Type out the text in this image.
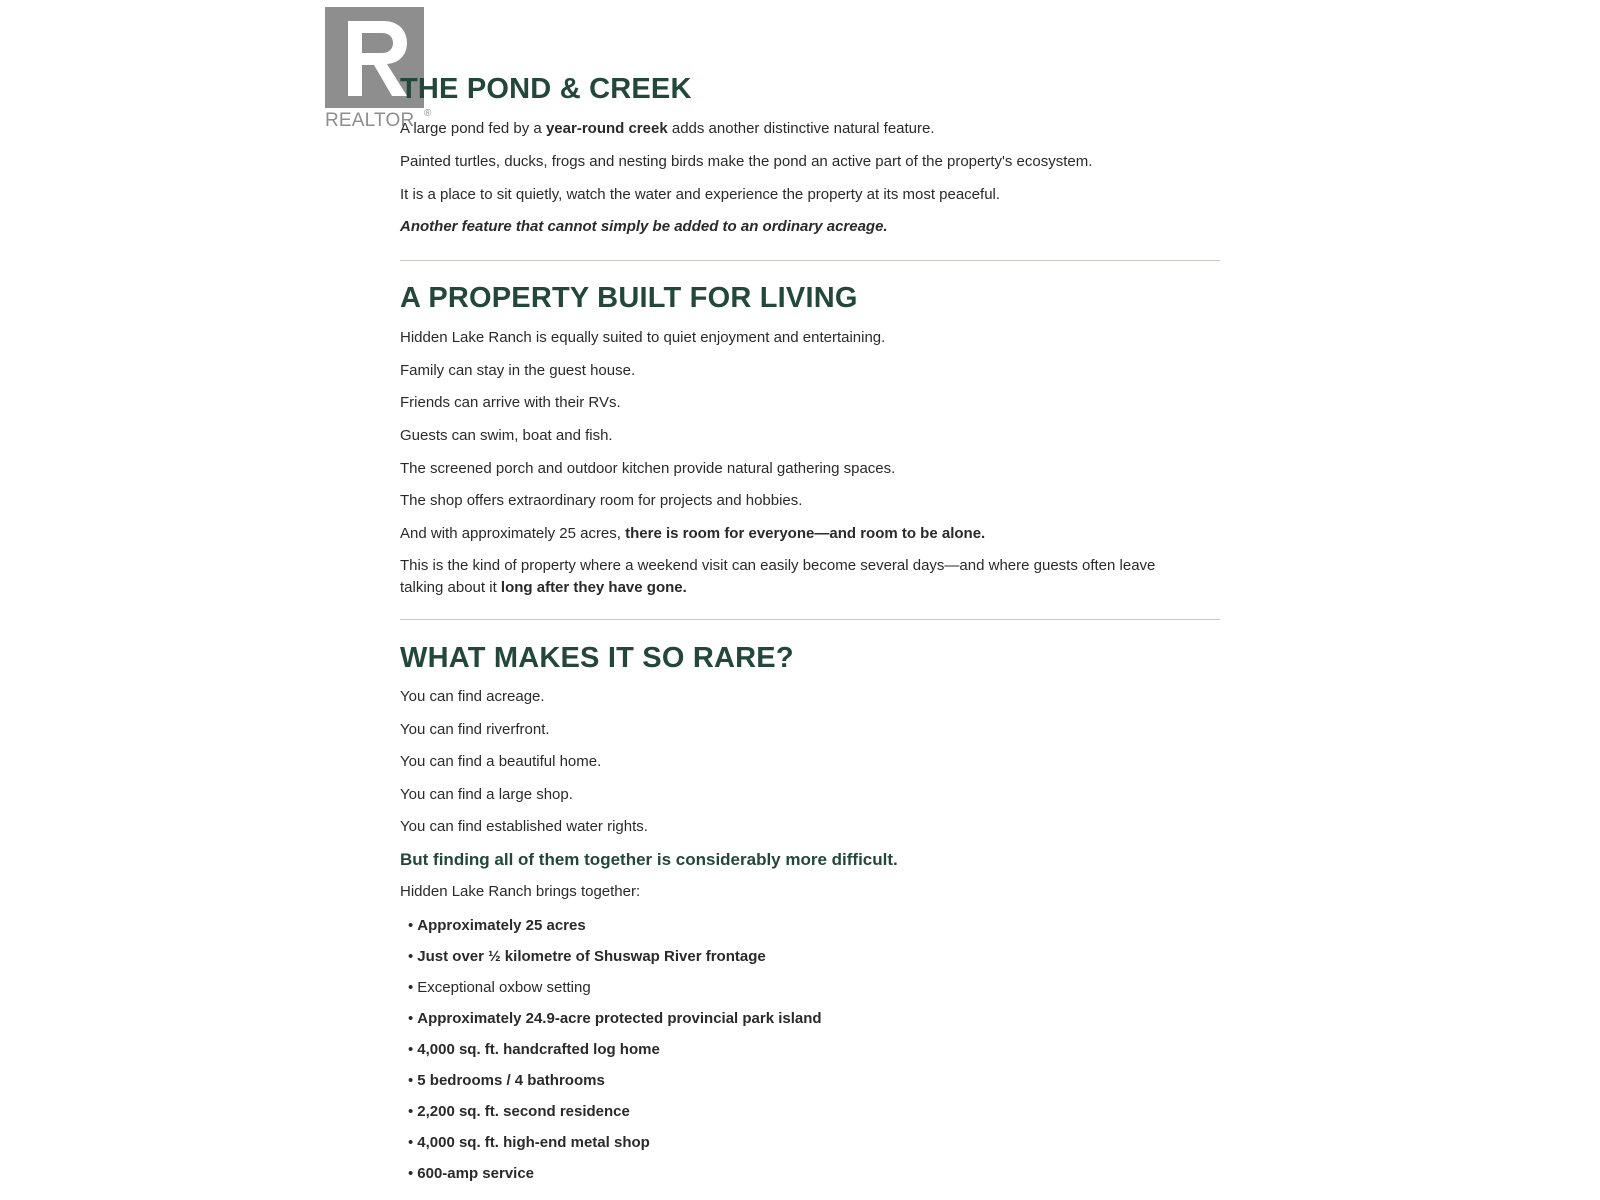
REALTOR ®
THE POND & CREEK

A large pond fed by a year-round creek adds another distinctive natural feature.

Painted turtles, ducks, frogs and nesting birds make the pond an active part of the property's ecosystem.

It is a place to sit quietly, watch the water and experience the property at its most peaceful.

Another feature that cannot simply be added to an ordinary acreage.

A PROPERTY BUILT FOR LIVING

Hidden Lake Ranch is equally suited to quiet enjoyment and entertaining.

Family can stay in the guest house.

Friends can arrive with their RVs.

Guests can swim, boat and fish.

The screened porch and outdoor kitchen provide natural gathering spaces.

The shop offers extraordinary room for projects and hobbies.

And with approximately 25 acres, there is room for everyone—and room to be alone.

This is the kind of property where a weekend visit can easily become several days—and where guests often leave talking about it long after they have gone.

WHAT MAKES IT SO RARE?

You can find acreage.

You can find riverfront.

You can find a beautiful home.

You can find a large shop.

You can find established water rights.

But finding all of them together is considerably more difficult.

Hidden Lake Ranch brings together:

• Approximately 25 acres
• Just over ½ kilometre of Shuswap River frontage
• Exceptional oxbow setting
• Approximately 24.9-acre protected provincial park island
• 4,000 sq. ft. handcrafted log home
• 5 bedrooms / 4 bathrooms
• 2,200 sq. ft. second residence
• 4,000 sq. ft. high-end metal shop
• 600-amp service
